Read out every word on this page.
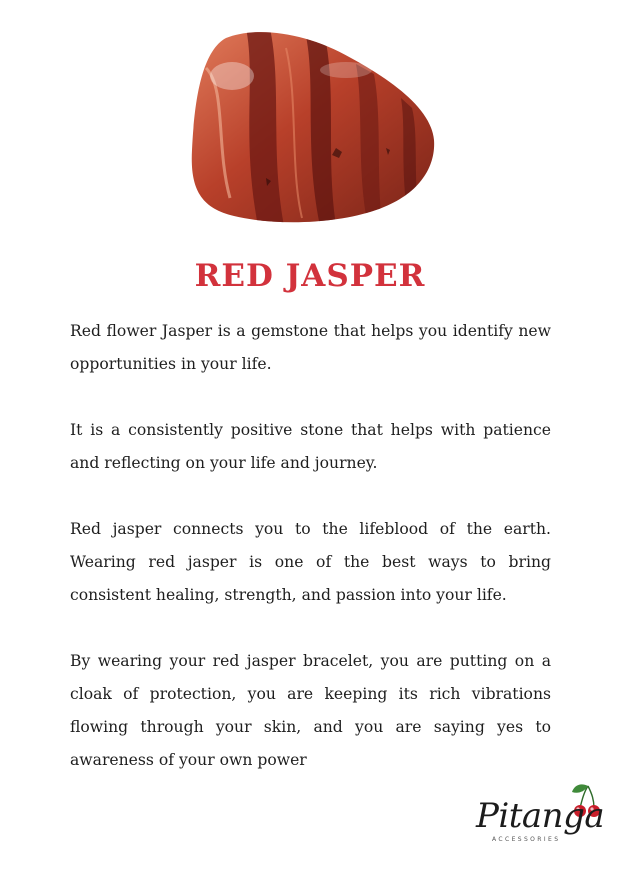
RED JASPER

Red flower Jasper is a gemstone that helps you identify new opportunities in your life.

It is a consistently positive stone that helps with patience and reflecting on your life and journey.

Red jasper connects you to the lifeblood of the earth. Wearing red jasper is one of the best ways to bring consistent healing, strength, and passion into your life.

By wearing your red jasper bracelet, you are putting on a cloak of protection, you are keeping its rich vibrations flowing through your skin, and you are saying yes to awareness of your own power

Pitanga
ACCESSORIES
